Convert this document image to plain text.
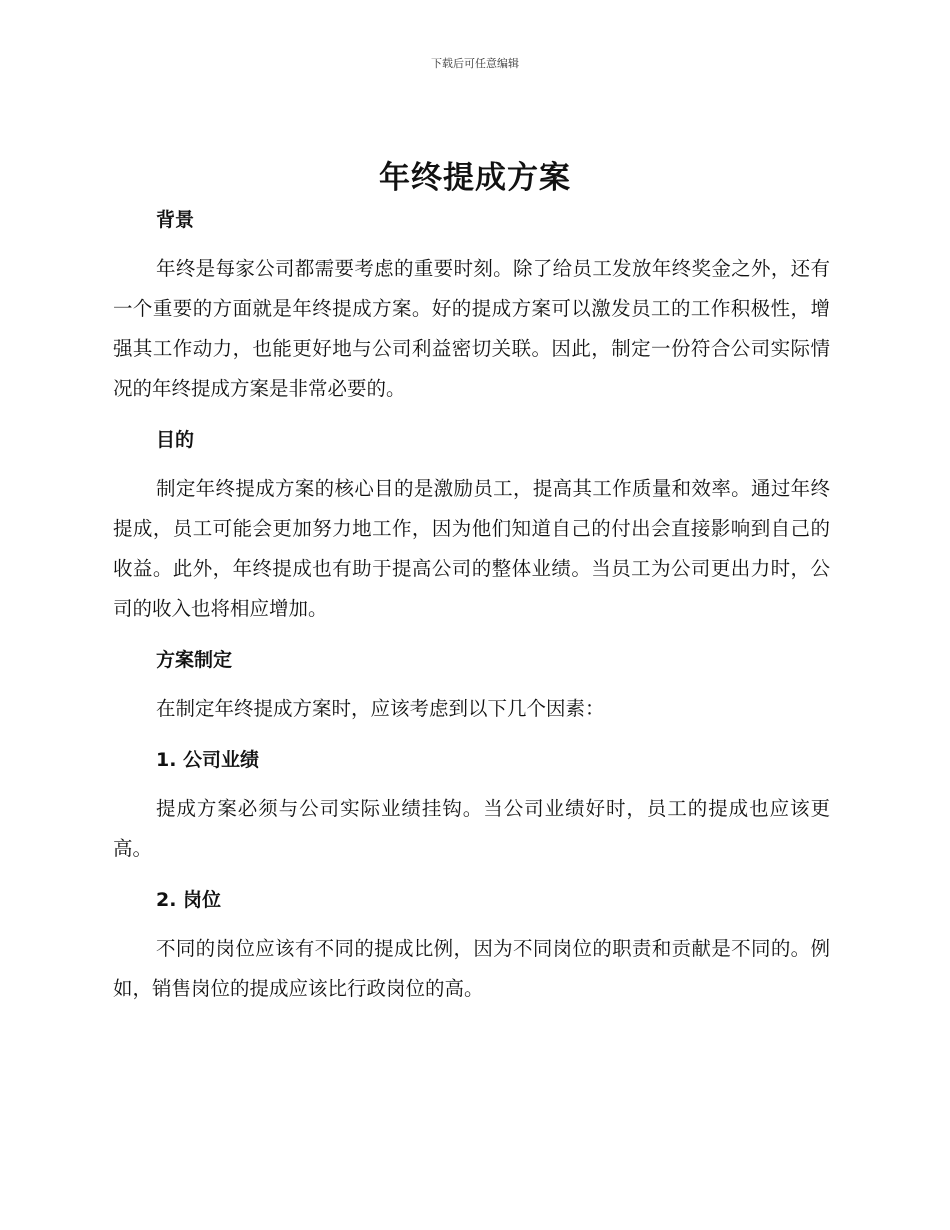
下载后可任意编辑
年终提成方案
背景

年终是每家公司都需要考虑的重要时刻。除了给员工发放年终奖金之外，还有一个重要的方面就是年终提成方案。好的提成方案可以激发员工的工作积极性，增强其工作动力，也能更好地与公司利益密切关联。因此，制定一份符合公司实际情况的年终提成方案是非常必要的。

目的

制定年终提成方案的核心目的是激励员工，提高其工作质量和效率。通过年终提成，员工可能会更加努力地工作，因为他们知道自己的付出会直接影响到自己的收益。此外，年终提成也有助于提高公司的整体业绩。当员工为公司更出力时，公司的收入也将相应增加。

方案制定

在制定年终提成方案时，应该考虑到以下几个因素：

1. 公司业绩

提成方案必须与公司实际业绩挂钩。当公司业绩好时，员工的提成也应该更高。

2. 岗位

不同的岗位应该有不同的提成比例，因为不同岗位的职责和贡献是不同的。例如，销售岗位的提成应该比行政岗位的高。
